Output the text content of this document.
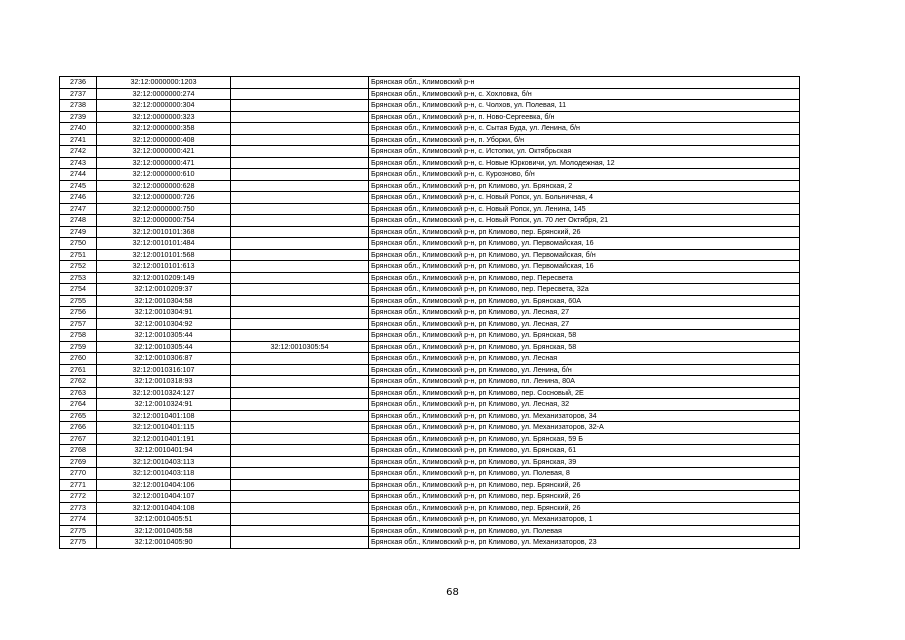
2736	32:12:0000000:1203		Брянская обл., Климовский р-н
2737	32:12:0000000:274		Брянская обл., Климовский р-н, с. Хохловка, б/н
2738	32:12:0000000:304		Брянская обл., Климовский р-н, с. Чолхов, ул. Полевая, 11
2739	32:12:0000000:323		Брянская обл., Климовский р-н, п. Ново-Сергеевка, б/н
2740	32:12:0000000:358		Брянская обл., Климовский р-н, с. Сытая Буда, ул. Ленина, б/н
2741	32:12:0000000:408		Брянская обл., Климовский р-н, п. Уборки, б/н
2742	32:12:0000000:421		Брянская обл., Климовский р-н, с. Истопки, ул. Октябрьская
2743	32:12:0000000:471		Брянская обл., Климовский р-н, с. Новые Юрковичи, ул. Молодежная, 12
2744	32:12:0000000:610		Брянская обл., Климовский р-н, с. Курозново, б/н
2745	32:12:0000000:628		Брянская обл., Климовский р-н, рп Климово, ул. Брянская, 2
2746	32:12:0000000:726		Брянская обл., Климовский р-н, с. Новый Ропск, ул. Больничная, 4
2747	32:12:0000000:750		Брянская обл., Климовский р-н, с. Новый Ропск, ул. Ленина, 145
2748	32:12:0000000:754		Брянская обл., Климовский р-н, с. Новый Ропск, ул. 70 лет Октября, 21
2749	32:12:0010101:368		Брянская обл., Климовский р-н, рп Климово, пер. Брянский, 26
2750	32:12:0010101:484		Брянская обл., Климовский р-н, рп Климово, ул. Первомайская, 16
2751	32:12:0010101:568		Брянская обл., Климовский р-н, рп Климово, ул. Первомайская, б/н
2752	32:12:0010101:613		Брянская обл., Климовский р-н, рп Климово, ул. Первомайская, 16
2753	32:12:0010209:149		Брянская обл., Климовский р-н, рп Климово, пер. Пересвета
2754	32:12:0010209:37		Брянская обл., Климовский р-н, рп Климово, пер. Пересвета, 32а
2755	32:12:0010304:58		Брянская обл., Климовский р-н, рп Климово, ул. Брянская, 60А
2756	32:12:0010304:91		Брянская обл., Климовский р-н, рп Климово, ул. Лесная, 27
2757	32:12:0010304:92		Брянская обл., Климовский р-н, рп Климово, ул. Лесная, 27
2758	32:12:0010305:44		Брянская обл., Климовский р-н, рп Климово, ул. Брянская, 58
2759	32:12:0010305:44	32:12:0010305:54	Брянская обл., Климовский р-н, рп Климово, ул. Брянская, 58
2760	32:12:0010306:87		Брянская обл., Климовский р-н, рп Климово, ул. Лесная
2761	32:12:0010316:107		Брянская обл., Климовский р-н, рп Климово, ул. Ленина, б/н
2762	32:12:0010318:93		Брянская обл., Климовский р-н, рп Климово, пл. Ленина, 80А
2763	32:12:0010324:127		Брянская обл., Климовский р-н, рп Климово, пер. Сосновый, 2Е
2764	32:12:0010324:91		Брянская обл., Климовский р-н, рп Климово, ул. Лесная, 32
2765	32:12:0010401:108		Брянская обл., Климовский р-н, рп Климово, ул. Механизаторов, 34
2766	32:12:0010401:115		Брянская обл., Климовский р-н, рп Климово, ул. Механизаторов, 32-А
2767	32:12:0010401:191		Брянская обл., Климовский р-н, рп Климово, ул. Брянская, 59 Б
2768	32:12:0010401:94		Брянская обл., Климовский р-н, рп Климово, ул. Брянская, 61
2769	32:12:0010403:113		Брянская обл., Климовский р-н, рп Климово, ул. Брянская, 39
2770	32:12:0010403:118		Брянская обл., Климовский р-н, рп Климово, ул. Полевая, 8
2771	32:12:0010404:106		Брянская обл., Климовский р-н, рп Климово, пер. Брянский, 26
2772	32:12:0010404:107		Брянская обл., Климовский р-н, рп Климово, пер. Брянский, 26
2773	32:12:0010404:108		Брянская обл., Климовский р-н, рп Климово, пер. Брянский, 26
2774	32:12:0010405:51		Брянская обл., Климовский р-н, рп Климово, ул. Механизаторов, 1
2775	32:12:0010405:58		Брянская обл., Климовский р-н, рп Климово, ул. Полевая
2775	32:12:0010405:90		Брянская обл., Климовский р-н, рп Климово, ул. Механизаторов, 23
68
